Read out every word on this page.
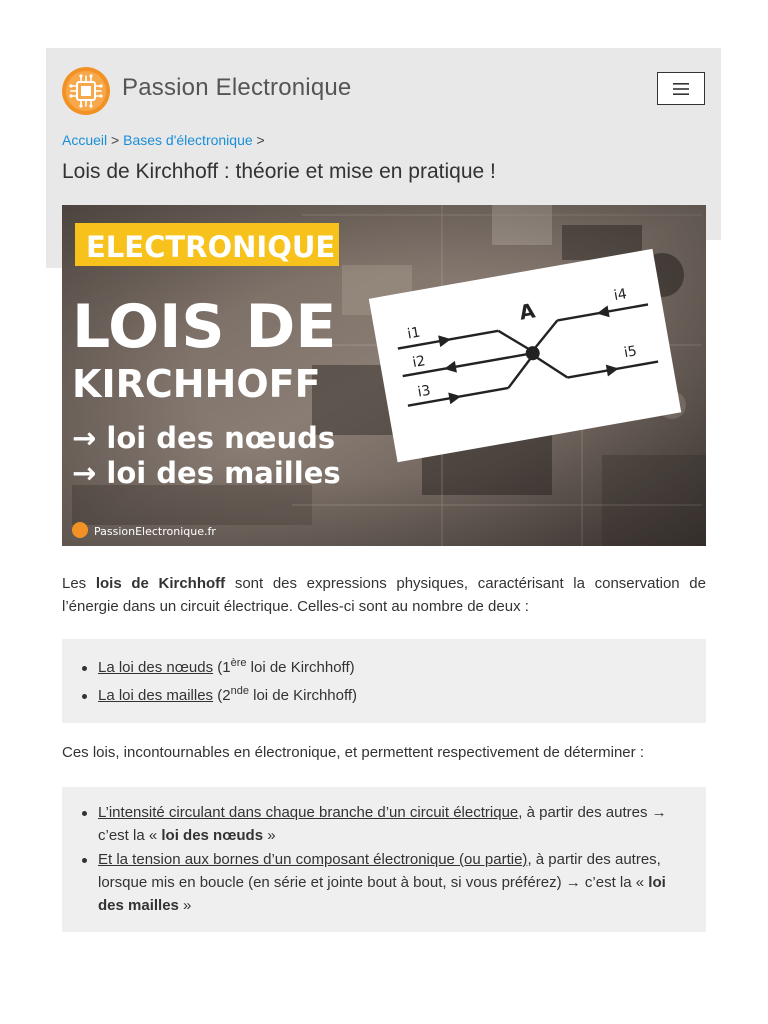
Passion Electronique
Accueil > Bases d'électronique >
Lois de Kirchhoff : théorie et mise en pratique !
ELECTRONIQUE
LOIS DE
KIRCHHOFF
→ loi des nœuds
→ loi des mailles
PassionElectronique.fr
A
i1
i2
i3
i4
i5

Les lois de Kirchhoff sont des expressions physiques, caractérisant la conservation de l’énergie dans un circuit électrique. Celles-ci sont au nombre de deux :

La loi des nœuds (1ère loi de Kirchhoff)
La loi des mailles (2nde loi de Kirchhoff)

Ces lois, incontournables en électronique, et permettent respectivement de déterminer :

L’intensité circulant dans chaque branche d’un circuit électrique, à partir des autres → c’est la « loi des nœuds »
Et la tension aux bornes d’un composant électronique (ou partie), à partir des autres, lorsque mis en boucle (en série et jointe bout à bout, si vous préférez) → c’est la « loi des mailles »
